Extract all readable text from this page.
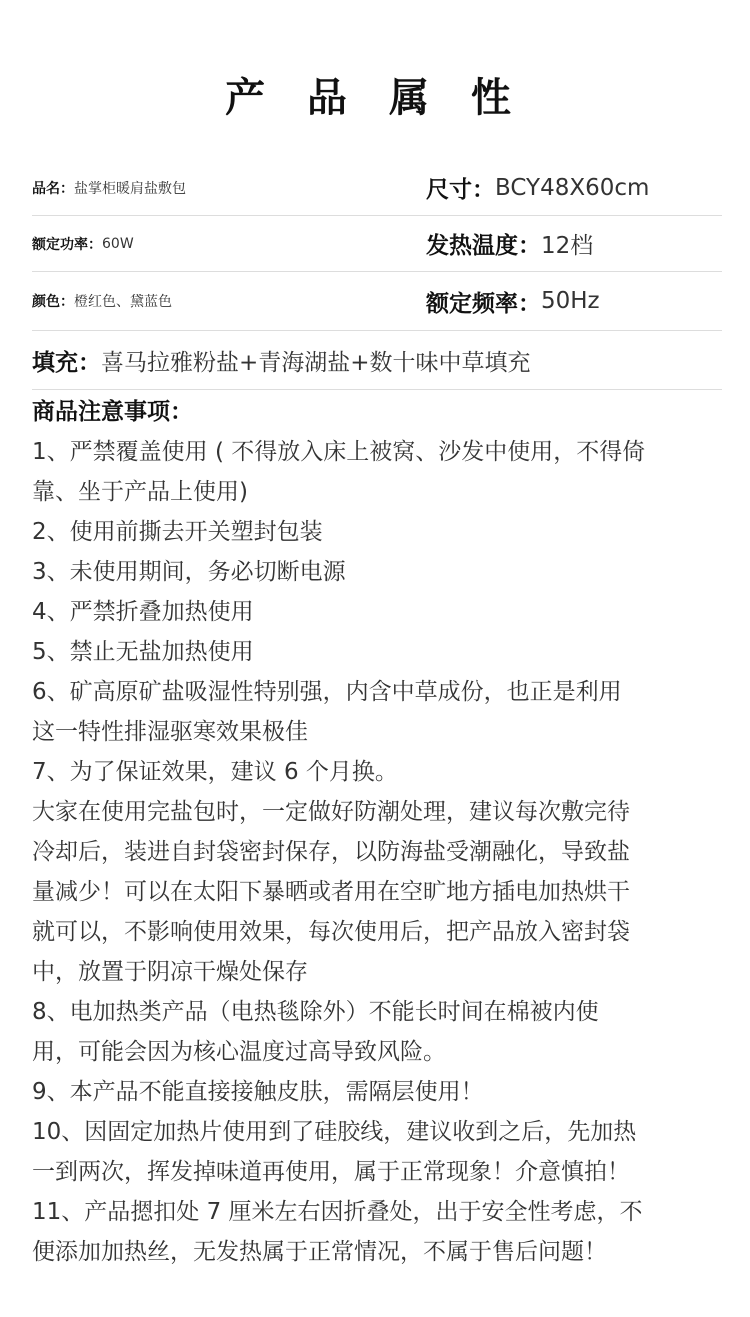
产 品 属 性
品名： 盐掌柜暖肩盐敷包	尺寸： BCY48X60cm
额定功率： 60W	发热温度： 12档
颜色： 橙红色、黛蓝色	额定频率： 50Hz
填充： 喜马拉雅粉盐+青海湖盐+数十味中草填充
商品注意事项：
1、严禁覆盖使用 ( 不得放入床上被窝、沙发中使用，不得倚
靠、坐于产品上使用)
2、使用前撕去开关塑封包装
3、未使用期间，务必切断电源
4、严禁折叠加热使用
5、禁止无盐加热使用
6、矿高原矿盐吸湿性特别强，内含中草成份，也正是利用
这一特性排湿驱寒效果极佳
7、为了保证效果，建议 6 个月换。
大家在使用完盐包时，一定做好防潮处理，建议每次敷完待
冷却后，装进自封袋密封保存，以防海盐受潮融化，导致盐
量减少！可以在太阳下暴晒或者用在空旷地方插电加热烘干
就可以，不影响使用效果，每次使用后，把产品放入密封袋
中，放置于阴凉干燥处保存
8、电加热类产品（电热毯除外）不能长时间在棉被内使
用，可能会因为核心温度过高导致风险。
9、本产品不能直接接触皮肤，需隔层使用！
10、因固定加热片使用到了硅胶线，建议收到之后，先加热
一到两次，挥发掉味道再使用，属于正常现象！介意慎拍！
11、产品摁扣处 7 厘米左右因折叠处，出于安全性考虑，不
便添加加热丝，无发热属于正常情况，不属于售后问题！
